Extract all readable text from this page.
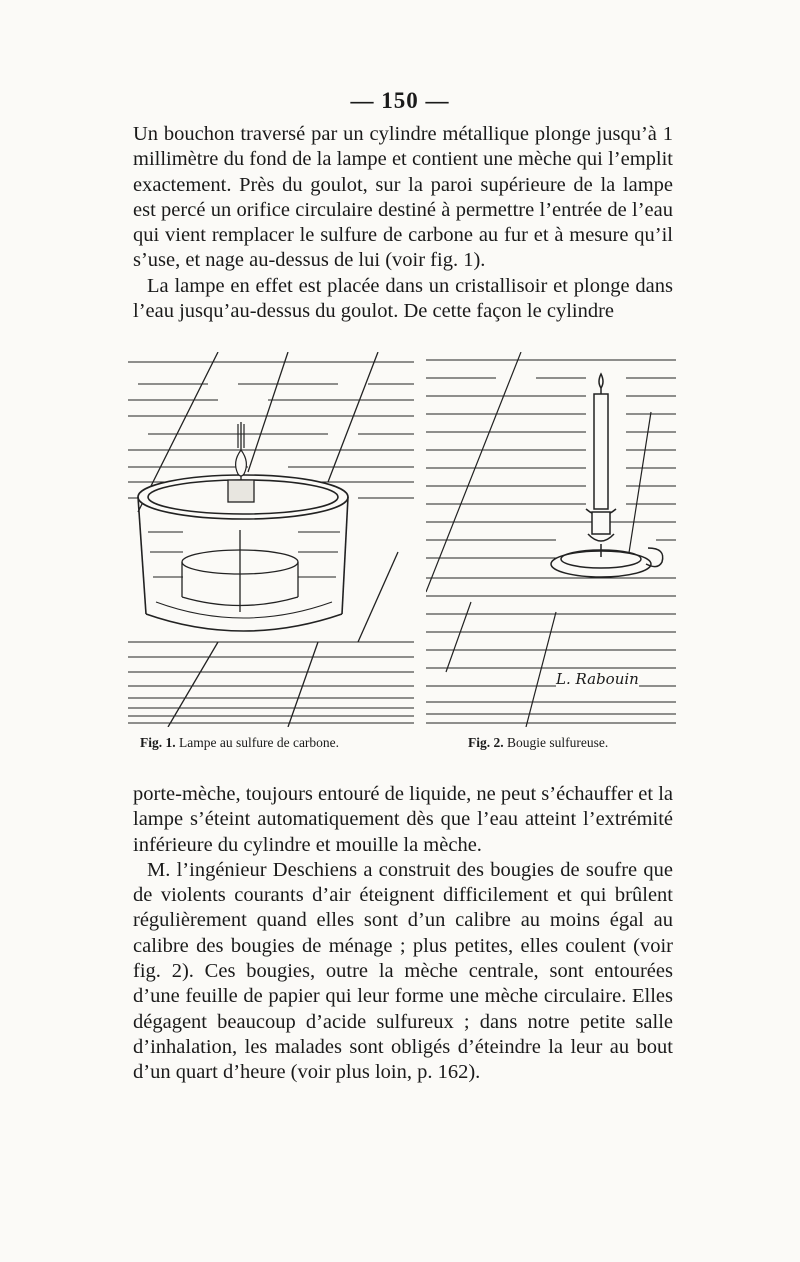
— 150 —

Un bouchon traversé par un cylindre métallique plonge jusqu’à 1 millimètre du fond de la lampe et contient une mèche qui l’emplit exactement. Près du goulot, sur la paroi supérieure de la lampe est percé un orifice circulaire destiné à permettre l’entrée de l’eau qui vient remplacer le sulfure de carbone au fur et à mesure qu’il s’use, et nage au-dessus de lui (voir fig. 1).

La lampe en effet est placée dans un cristallisoir et plonge dans l’eau jusqu’au-dessus du goulot. De cette façon le cylindre

L. Rabouin
Fig. 1. Lampe au sulfure de carbone.	Fig. 2. Bougie sulfureuse.

porte-mèche, toujours entouré de liquide, ne peut s’échauffer et la lampe s’éteint automatiquement dès que l’eau atteint l’extrémité inférieure du cylindre et mouille la mèche.

M. l’ingénieur Deschiens a construit des bougies de soufre que de violents courants d’air éteignent difficilement et qui brûlent régulièrement quand elles sont d’un calibre au moins égal au calibre des bougies de ménage ; plus petites, elles coulent (voir fig. 2). Ces bougies, outre la mèche centrale, sont entourées d’une feuille de papier qui leur forme une mèche circulaire. Elles dégagent beaucoup d’acide sulfureux ; dans notre petite salle d’inhalation, les malades sont obligés d’éteindre la leur au bout d’un quart d’heure (voir plus loin, p. 162).
